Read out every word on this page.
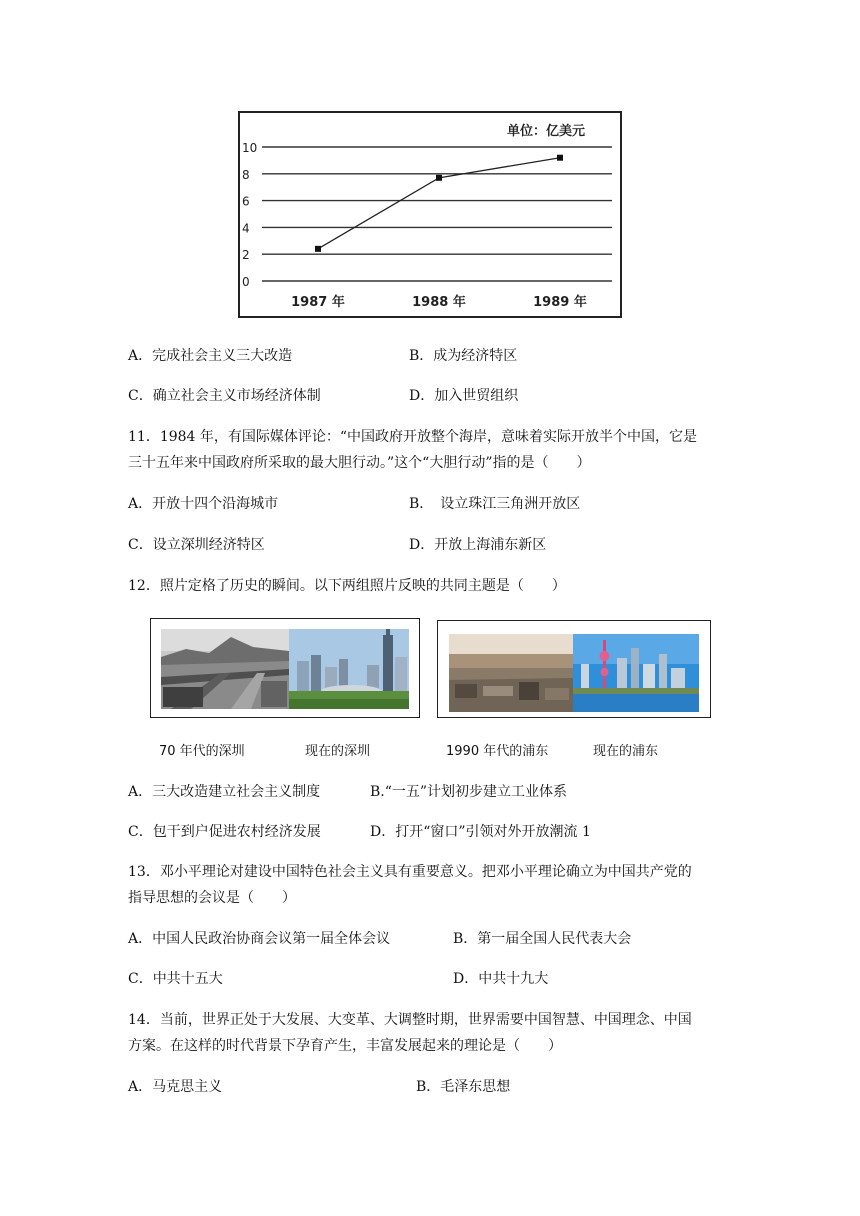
单位：亿美元
0
2
4
6
8
10
1987 年	1988 年	1989 年
A．完成社会主义三大改造	B．成为经济特区
C．确立社会主义市场经济体制	D．加入世贸组织
11．1984 年，有国际媒体评论：“中国政府开放整个海岸，意味着实际开放半个中国，它是
三十五年来中国政府所采取的最大胆行动。”这个“大胆行动”指的是（　　）
A．开放十四个沿海城市	B．　设立珠江三角洲开放区
C．设立深圳经济特区	D．开放上海浦东新区
12．照片定格了历史的瞬间。以下两组照片反映的共同主题是（　　）
70 年代的深圳	现在的深圳	1990 年代的浦东	现在的浦东
A．三大改造建立社会主义制度	B.“一五”计划初步建立工业体系
C．包干到户促进农村经济发展	D．打开“窗口”引领对外开放潮流 1
13．邓小平理论对建设中国特色社会主义具有重要意义。把邓小平理论确立为中国共产党的
指导思想的会议是（　　）
A．中国人民政治协商会议第一届全体会议	B．第一届全国人民代表大会
C．中共十五大	D．中共十九大
14．当前，世界正处于大发展、大变革、大调整时期，世界需要中国智慧、中国理念、中国
方案。在这样的时代背景下孕育产生，丰富发展起来的理论是（　　）
A．马克思主义	B．毛泽东思想
